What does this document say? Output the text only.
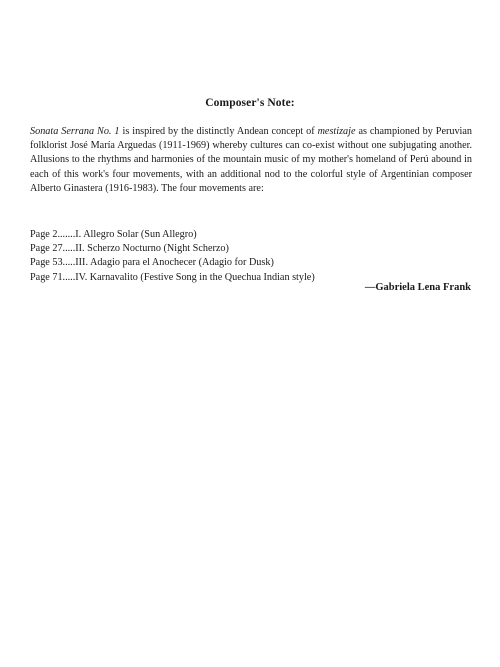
Composer's Note:
Sonata Serrana No. 1 is inspired by the distinctly Andean concept of mestizaje as championed by Peruvian folklorist José María Arguedas (1911-1969) whereby cultures can co-exist without one subjugating another. Allusions to the rhythms and harmonies of the mountain music of my mother's homeland of Perú abound in each of this work's four movements, with an additional nod to the colorful style of Argentinian composer Alberto Ginastera (1916-1983). The four movements are:
Page 2.......I. Allegro Solar (Sun Allegro)
Page 27.....II. Scherzo Nocturno (Night Scherzo)
Page 53.....III. Adagio para el Anochecer (Adagio for Dusk)
Page 71.....IV. Karnavalito (Festive Song in the Quechua Indian style)
—Gabriela Lena Frank
